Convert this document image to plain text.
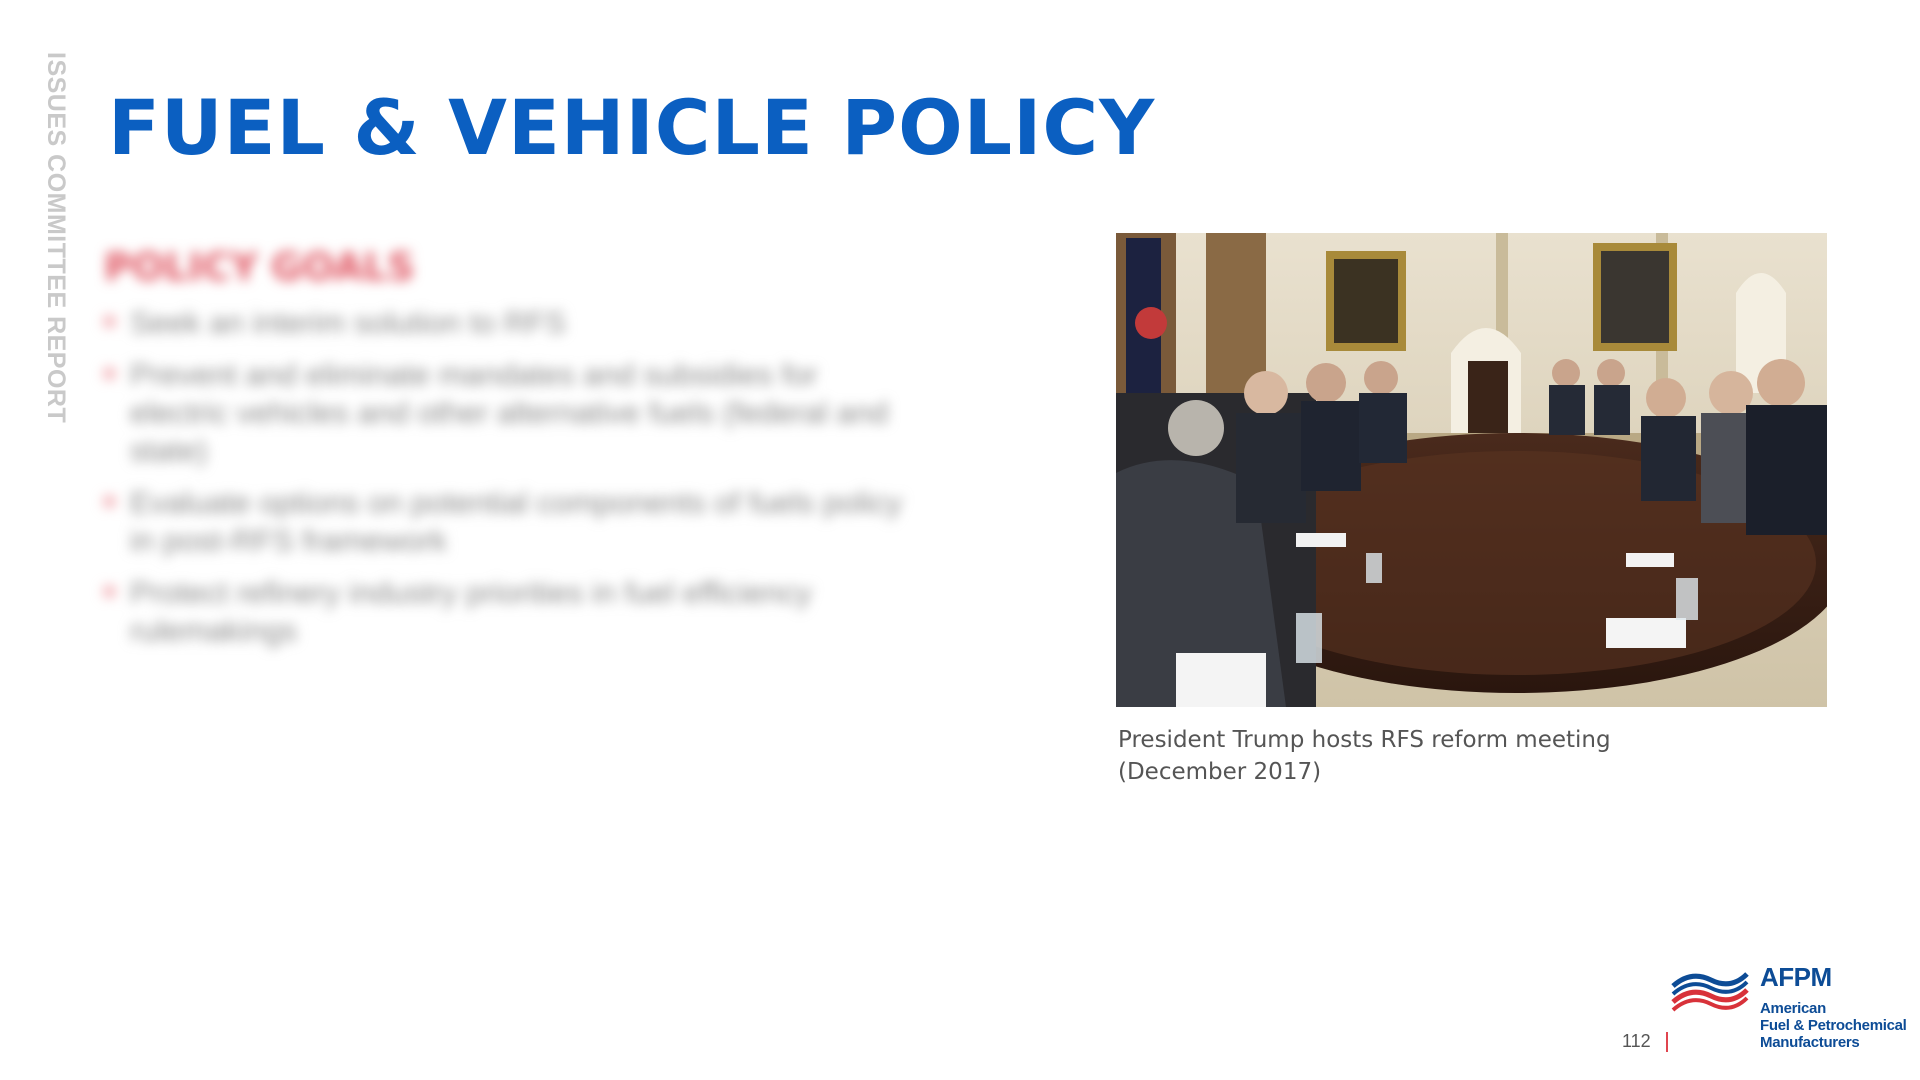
ISSUES COMMITTEE REPORT FUEL & VEHICLE POLICY
POLICY GOALS
Seek an interim solution to RFS
Prevent and eliminate mandates and subsidies for electric vehicles and other alternative fuels (federal and state)
Evaluate options on potential components of fuels policy in post-RFS framework
Protect refinery industry priorities in fuel efficiency rulemakings
President Trump hosts RFS reform meeting
(December 2017)
112
AFPM
American
Fuel & Petrochemical
Manufacturers
